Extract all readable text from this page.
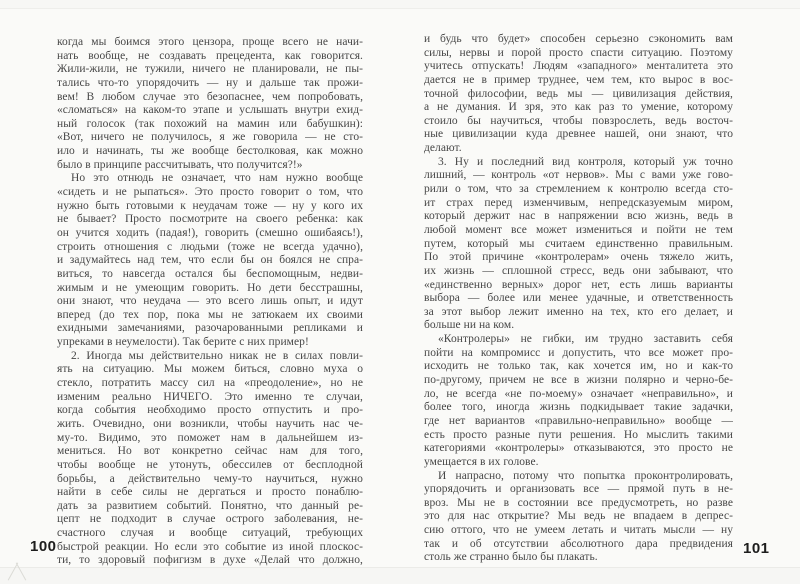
когда мы боимся этого цензора, проще всего не начи-
нать вообще, не создавать прецедента, как говорится.
Жили-жили, не тужили, ничего не планировали, не пы-
тались что-то упорядочить — ну и дальше так прожи-
вем! В любом случае это безопаснее, чем попробовать,
«сломаться» на каком-то этапе и услышать внутри ехид-
ный голосок (так похожий на мамин или бабушкин):
«Вот, ничего не получилось, я же говорила — не сто-
ило и начинать, ты же вообще бестолковая, как можно
было в принципе рассчитывать, что получится?!»
Но это отнюдь не означает, что нам нужно вообще
«сидеть и не рыпаться». Это просто говорит о том, что
нужно быть готовыми к неудачам тоже — ну у кого их
не бывает? Просто посмотрите на своего ребенка: как
он учится ходить (падая!), говорить (смешно ошибаясь!),
строить отношения с людьми (тоже не всегда удачно),
и задумайтесь над тем, что если бы он боялся не спра-
виться, то навсегда остался бы беспомощным, недви-
жимым и не умеющим говорить. Но дети бесстрашны,
они знают, что неудача — это всего лишь опыт, и идут
вперед (до тех пор, пока мы не затюкаем их своими
ехидными замечаниями, разочарованными репликами и
упреками в неумелости). Так берите с них пример!
2. Иногда мы действительно никак не в силах повли-
ять на ситуацию. Мы можем биться, словно муха о
стекло, потратить массу сил на «преодоление», но не
изменим реально НИЧЕГО. Это именно те случаи,
когда события необходимо просто отпустить и про-
жить. Очевидно, они возникли, чтобы научить нас че-
му-то. Видимо, это поможет нам в дальнейшем из-
мениться. Но вот конкретно сейчас нам для того,
чтобы вообще не утонуть, обессилев от бесплодной
борьбы, а действительно чему-то научиться, нужно
найти в себе силы не дергаться и просто понаблю-
дать за развитием событий. Понятно, что данный ре-
цепт не подходит в случае острого заболевания, не-
счастного случая и вообще ситуаций, требующих
быстрой реакции. Но если это событие из иной плоскос-
ти, то здоровый пофигизм в духе «Делай что должно,
100
и будь что будет» способен серьезно сэкономить вам
силы, нервы и порой просто спасти ситуацию. Поэтому
учитесь отпускать! Людям «западного» менталитета это
дается не в пример труднее, чем тем, кто вырос в вос-
точной философии, ведь мы — цивилизация действия,
а не думания. И зря, это как раз то умение, которому
стоило бы научиться, чтобы повзрослеть, ведь восточ-
ные цивилизации куда древнее нашей, они знают, что
делают.
3. Ну и последний вид контроля, который уж точно
лишний, — контроль «от нервов». Мы с вами уже гово-
рили о том, что за стремлением к контролю всегда сто-
ит страх перед изменчивым, непредсказуемым миром,
который держит нас в напряжении всю жизнь, ведь в
любой момент все может измениться и пойти не тем
путем, который мы считаем единственно правильным.
По этой причине «контролерам» очень тяжело жить,
их жизнь — сплошной стресс, ведь они забывают, что
«единственно верных» дорог нет, есть лишь варианты
выбора — более или менее удачные, и ответственность
за этот выбор лежит именно на тех, кто его делает, и
больше ни на ком.
«Контролеры» не гибки, им трудно заставить себя
пойти на компромисс и допустить, что все может про-
исходить не только так, как хочется им, но и как-то
по-другому, причем не все в жизни полярно и черно-бе-
ло, не всегда «не по-моему» означает «неправильно», и
более того, иногда жизнь подкидывает такие задачки,
где нет вариантов «правильно-неправильно» вообще —
есть просто разные пути решения. Но мыслить такими
категориями «контролеры» отказываются, это просто не
умещается в их голове.
И напрасно, потому что попытка проконтролировать,
упорядочить и организовать все — прямой путь в не-
вроз. Мы не в состоянии все предусмотреть, но разве
это для нас открытие? Мы ведь не впадаем в депрес-
сию оттого, что не умеем летать и читать мысли — ну
так и об отсутствии абсолютного дара предвидения
столь же странно было бы плакать.
101
